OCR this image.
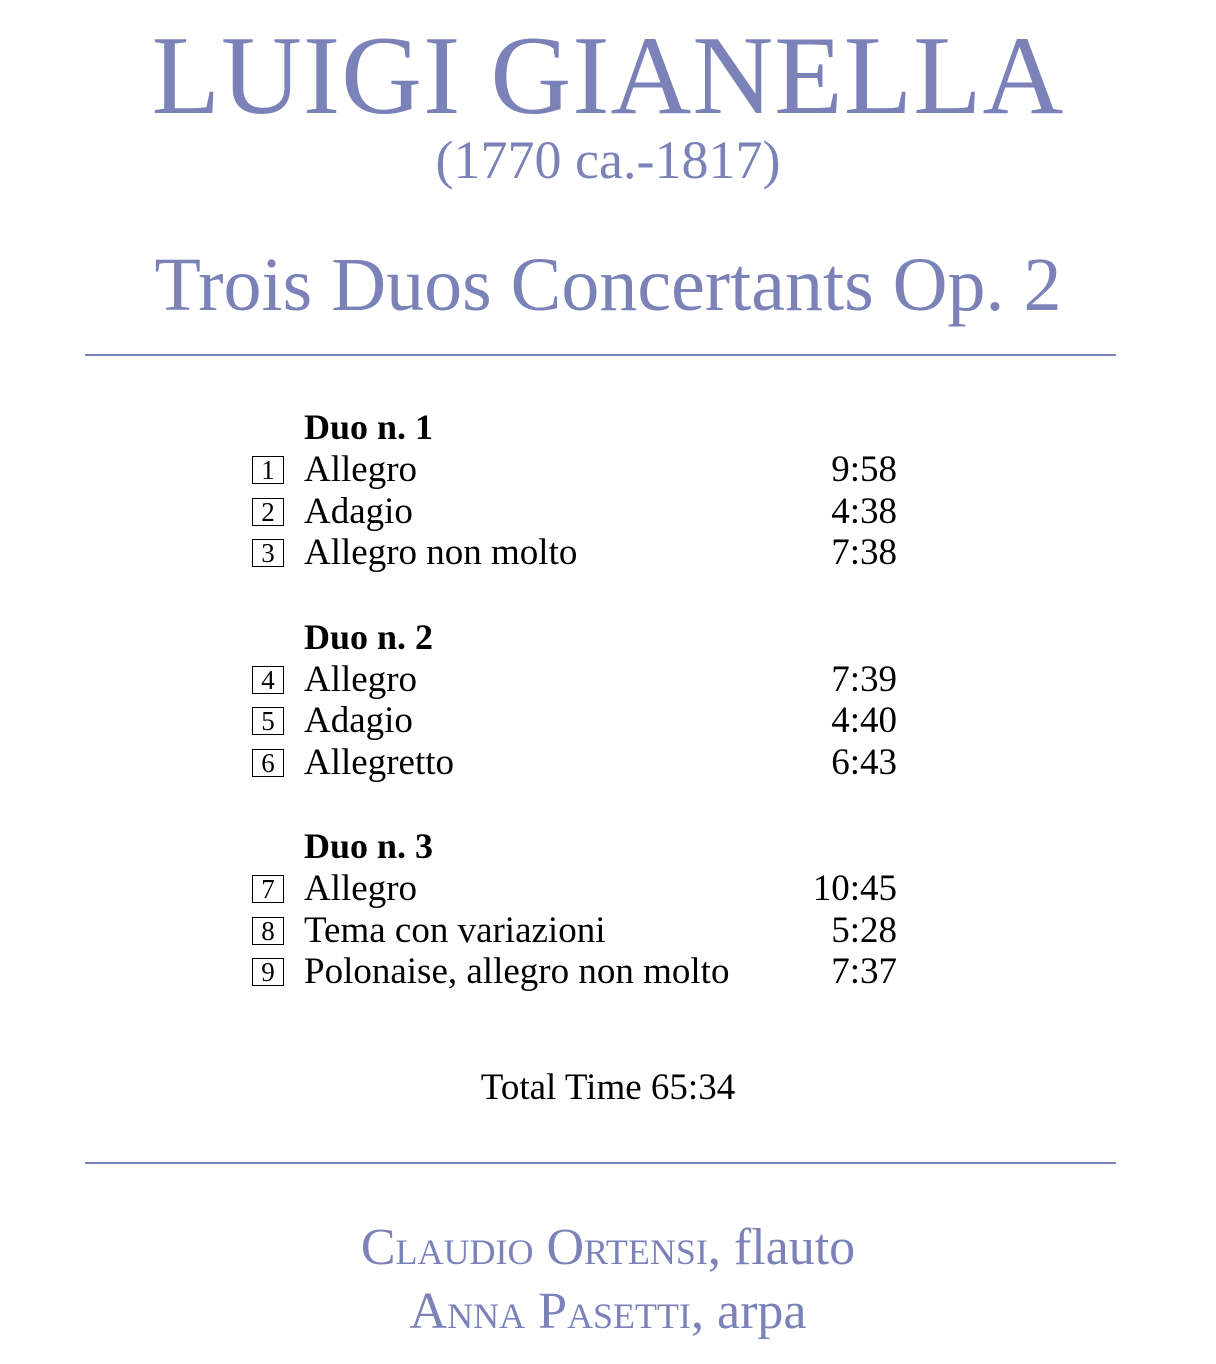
LUIGI GIANELLA
(1770 ca.-1817)
Trois Duos Concertants Op. 2
Duo n. 1
1 Allegro	9:58
2 Adagio	4:38
3 Allegro non molto	7:38
Duo n. 2
4 Allegro	7:39
5 Adagio	4:40
6 Allegretto	6:43
Duo n. 3
7 Allegro	10:45
8 Tema con variazioni	5:28
9 Polonaise, allegro non molto	7:37
Total Time 65:34
Claudio Ortensi, flauto
Anna Pasetti, arpa
